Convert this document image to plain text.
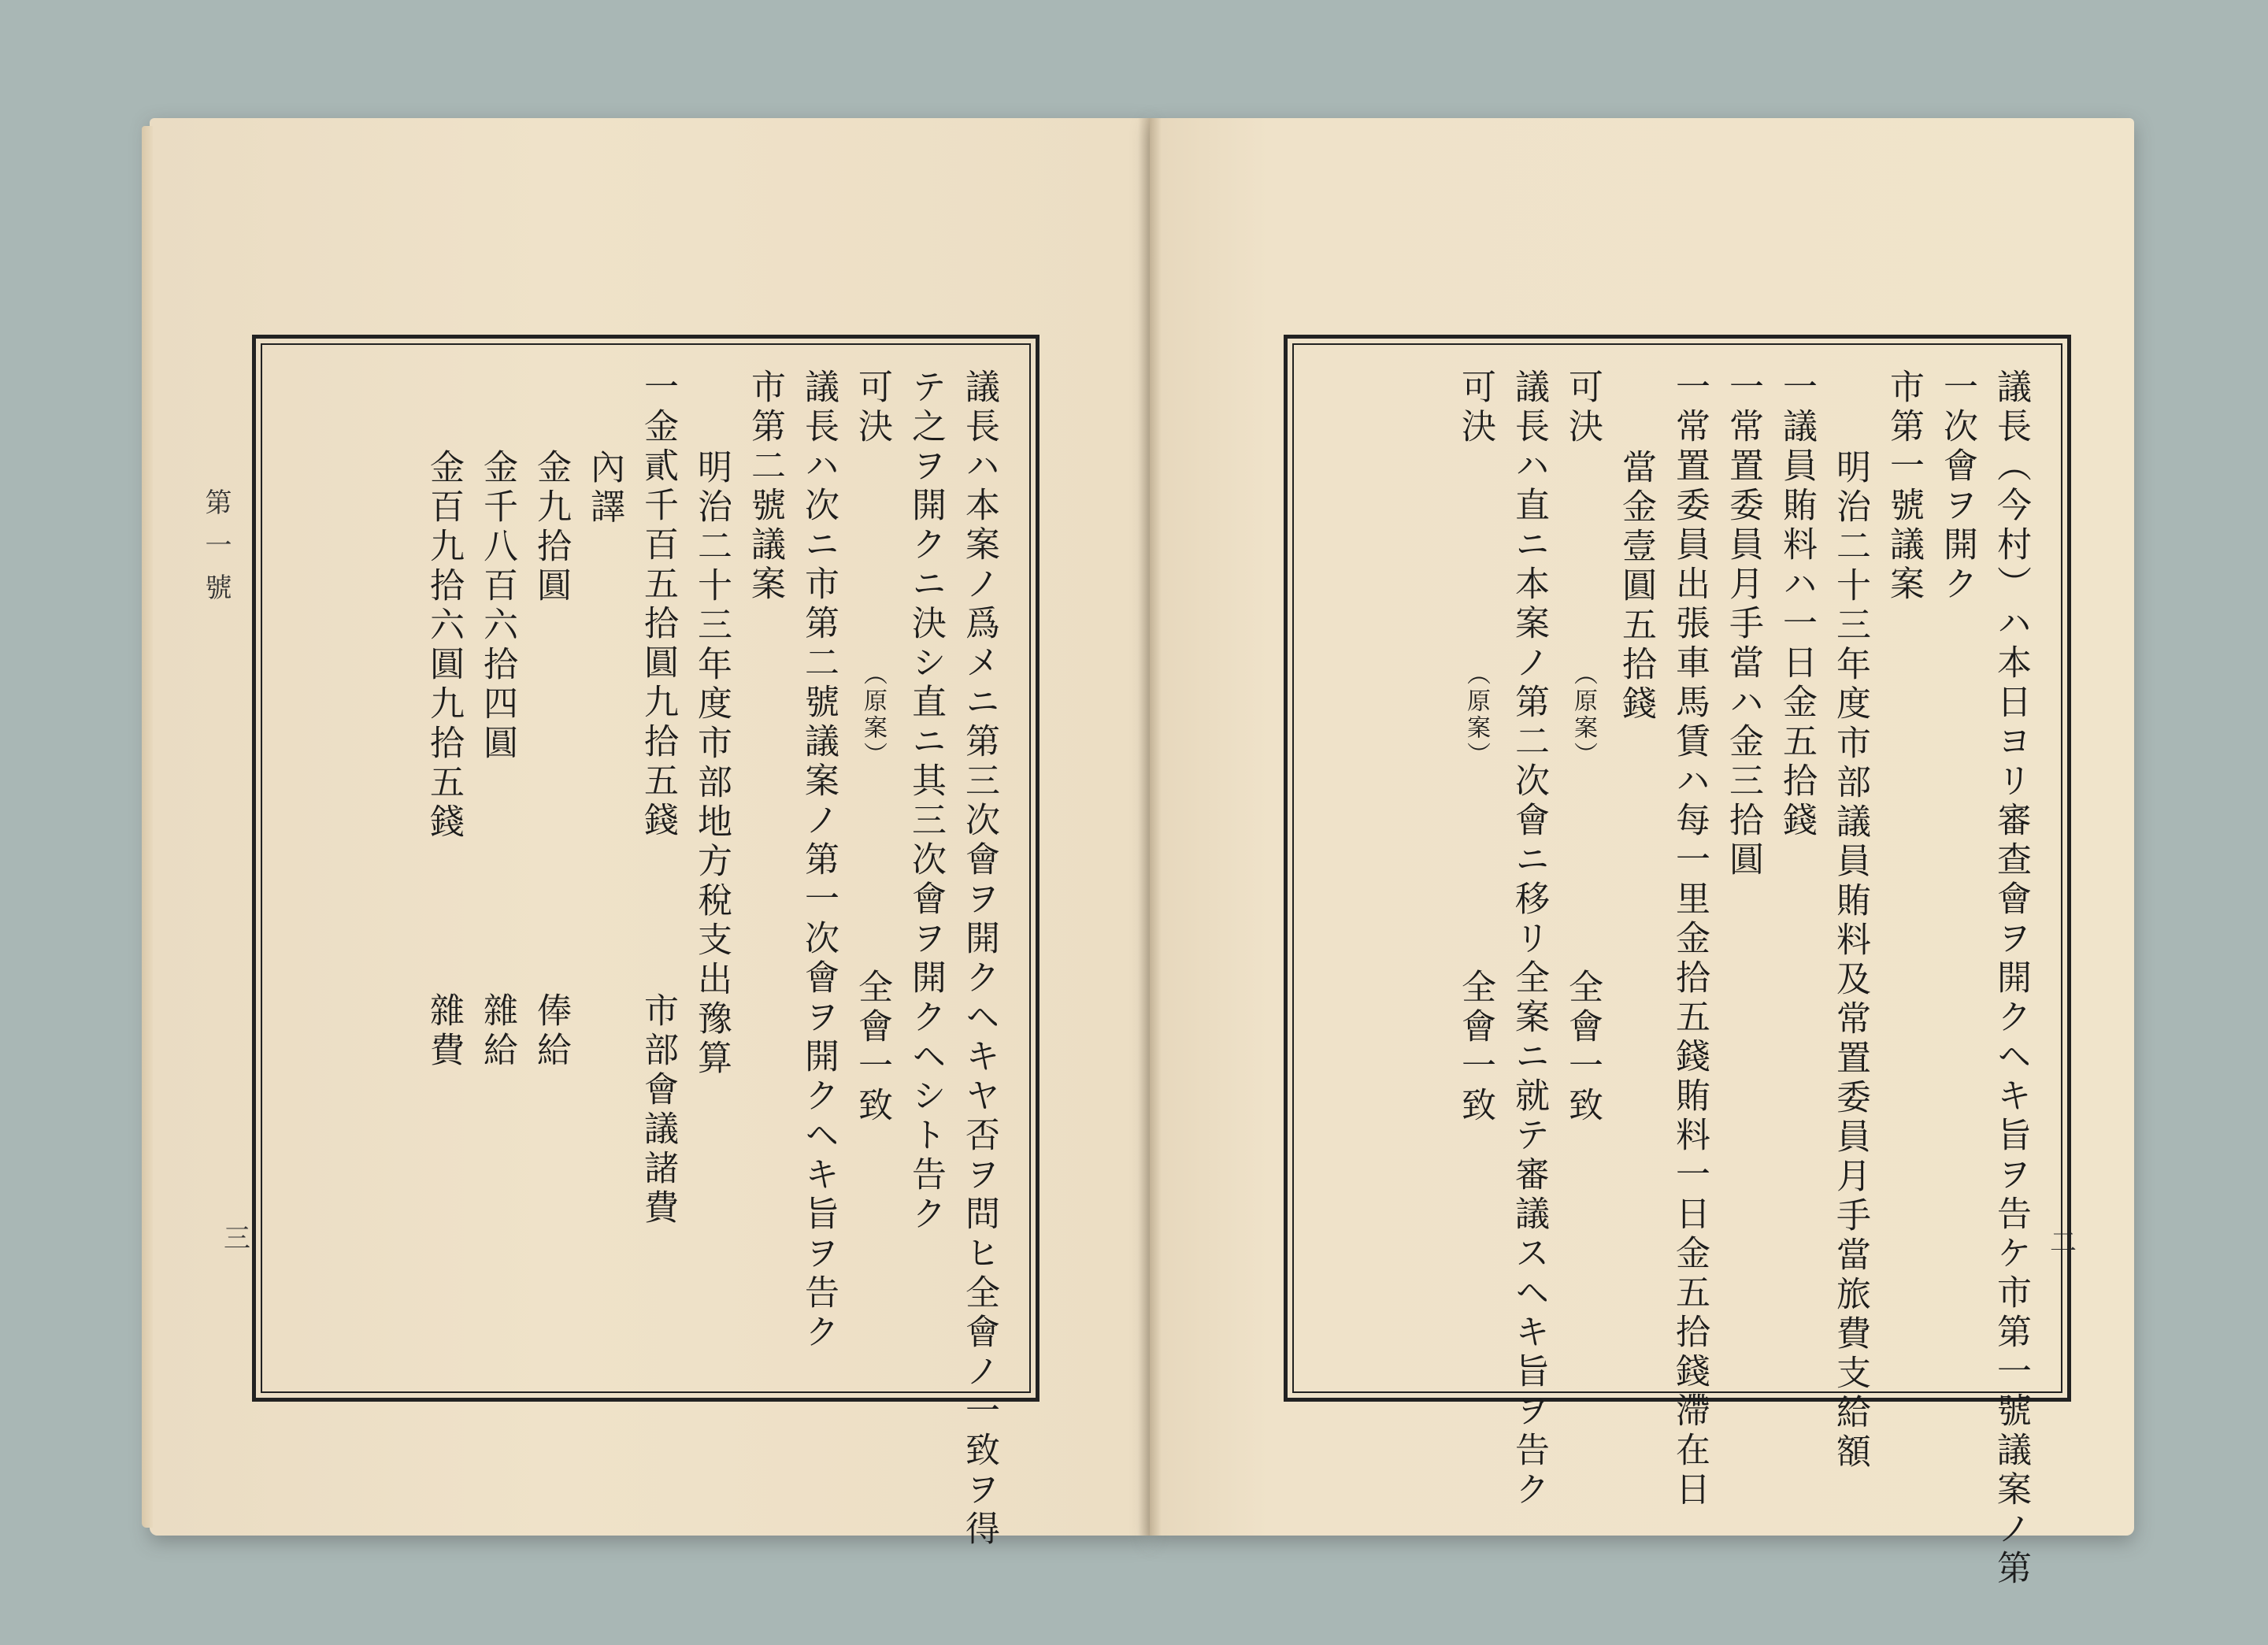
第一號
三	二
議長ハ本案ノ爲メニ第三次會ヲ開クヘキヤ否ヲ問ヒ全會ノ一致ヲ得
テ之ヲ開クニ決シ直ニ其三次會ヲ開クヘシト告ク
可決
（原案）
全會一致
議長ハ次ニ市第二號議案ノ第一次會ヲ開クヘキ旨ヲ告ク
市第二號議案
明治二十三年度市部地方稅支出豫算
一金貳千百五拾圓九拾五錢
市部會議諸費
內譯
金九拾圓
俸給
金千八百六拾四圓
雜給
金百九拾六圓九拾五錢
雜費	議長（今村）ハ本日ヨリ審查會ヲ開クヘキ旨ヲ告ケ市第一號議案ノ第
一次會ヲ開ク
市第一號議案
明治二十三年度市部議員賄料及常置委員月手當旅費支給額
一議員賄料ハ一日金五拾錢
一常置委員月手當ハ金三拾圓
一常置委員出張車馬賃ハ每一里金拾五錢賄料一日金五拾錢滯在日
當金壹圓五拾錢
可決
（原案）
全會一致
議長ハ直ニ本案ノ第二次會ニ移リ全案ニ就テ審議スヘキ旨ヲ告ク
可決
（原案）
全會一致
